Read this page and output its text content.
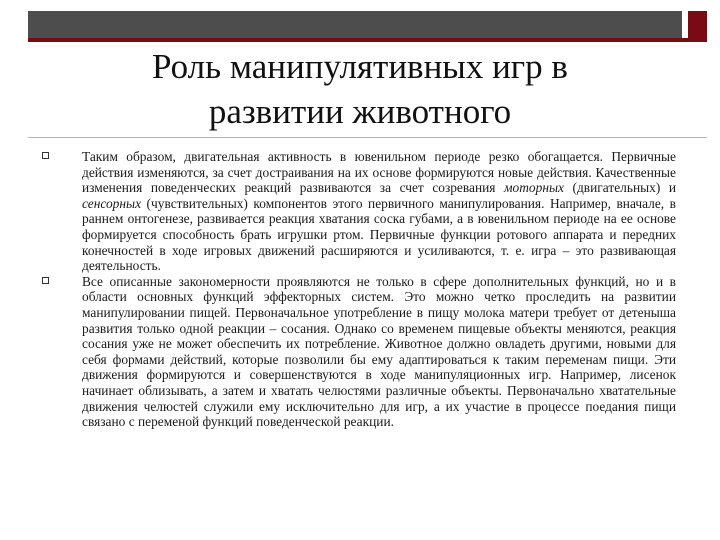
Роль манипулятивных игр в развитии животного

Таким образом, двигательная активность в ювенильном периоде резко обогащается. Первичные действия изменяются, за счет достраивания на их основе формируются новые действия. Качественные изменения поведенческих реакций развиваются за счет созревания моторных (двигательных) и сенсорных (чувствительных) компонентов этого первичного манипулирования. Например, вначале, в раннем онтогенезе, развивается реакция хватания соска губами, а в ювенильном периоде на ее основе формируется способность брать игрушки ртом. Первичные функции ротового аппарата и передних конечностей в ходе игровых движений расширяются и усиливаются, т. е. игра – это развивающая деятельность.

Все описанные закономерности проявляются не только в сфере дополнительных функций, но и в области основных функций эффекторных систем. Это можно четко проследить на развитии манипулировании пищей. Первоначальное употребление в пищу молока матери требует от детеныша развития только одной реакции – сосания. Однако со временем пищевые объекты меняются, реакция сосания уже не может обеспечить их потребление. Животное должно овладеть другими, новыми для себя формами действий, которые позволили бы ему адаптироваться к таким переменам пищи. Эти движения формируются и совершенствуются в ходе манипуляционных игр. Например, лисенок начинает облизывать, а затем и хватать челюстями различные объекты. Первоначально хватательные движения челюстей служили ему исключительно для игр, а их участие в процессе поедания пищи связано с переменой функций поведенческой реакции.
